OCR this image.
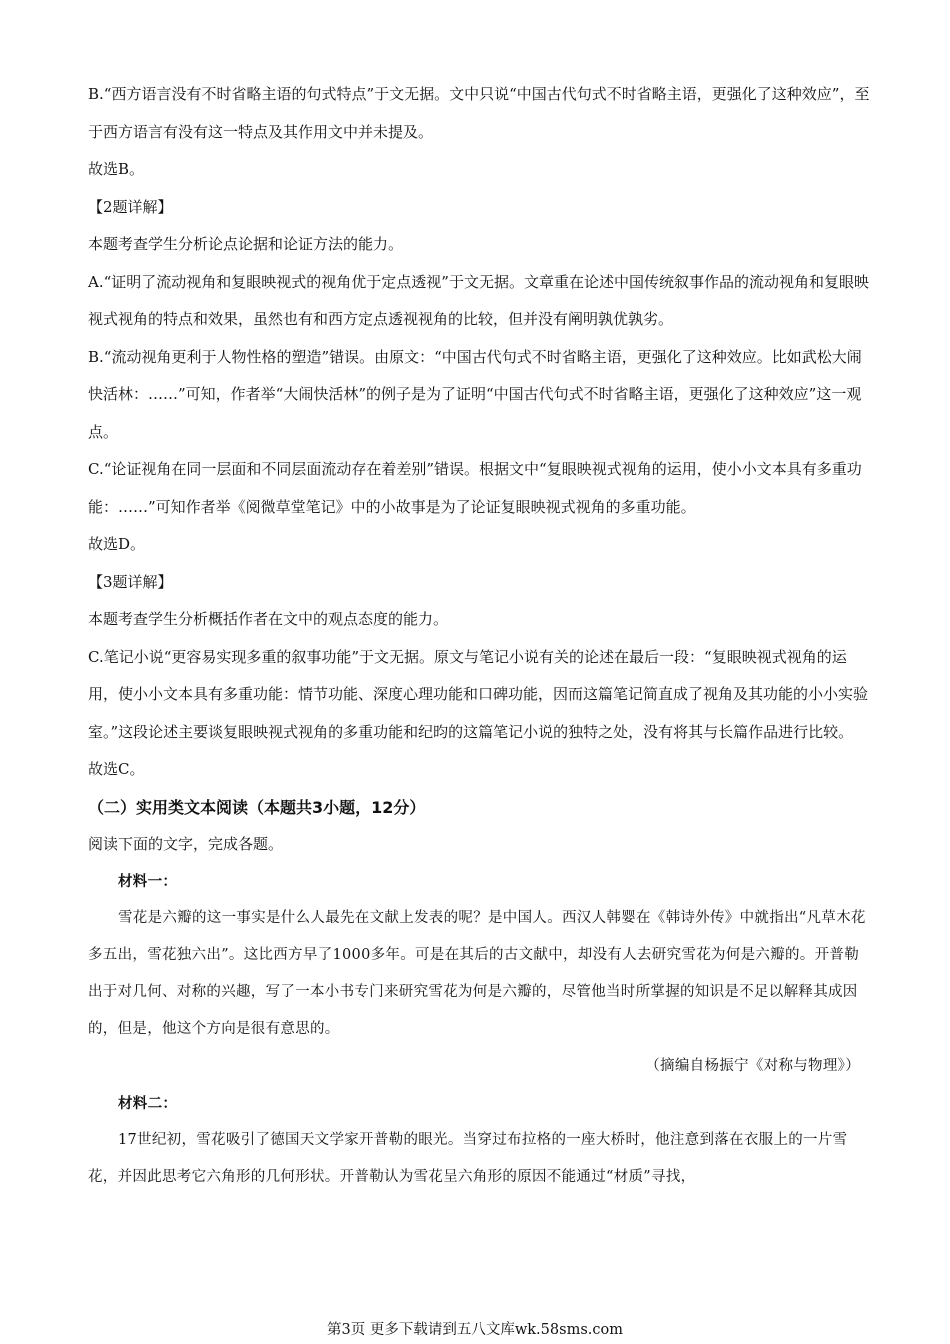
B.“西方语言没有不时省略主语的句式特点”于文无据。文中只说“中国古代句式不时省略主语，更强化了这种效应”，至于西方语言有没有这一特点及其作用文中并未提及。

故选B。

【2题详解】

本题考查学生分析论点论据和论证方法的能力。

A.“证明了流动视角和复眼映视式的视角优于定点透视”于文无据。文章重在论述中国传统叙事作品的流动视角和复眼映视式视角的特点和效果，虽然也有和西方定点透视视角的比较，但并没有阐明孰优孰劣。

B.“流动视角更利于人物性格的塑造”错误。由原文：“中国古代句式不时省略主语，更强化了这种效应。比如武松大闹快活林：……”可知，作者举“大闹快活林”的例子是为了证明“中国古代句式不时省略主语，更强化了这种效应”这一观点。

C.“论证视角在同一层面和不同层面流动存在着差别”错误。根据文中“复眼映视式视角的运用，使小小文本具有多重功能：……”可知作者举《阅微草堂笔记》中的小故事是为了论证复眼映视式视角的多重功能。

故选D。

【3题详解】

本题考查学生分析概括作者在文中的观点态度的能力。

C.笔记小说“更容易实现多重的叙事功能”于文无据。原文与笔记小说有关的论述在最后一段：“复眼映视式视角的运用，使小小文本具有多重功能：情节功能、深度心理功能和口碑功能，因而这篇笔记简直成了视角及其功能的小小实验室。”这段论述主要谈复眼映视式视角的多重功能和纪昀的这篇笔记小说的独特之处，没有将其与长篇作品进行比较。

故选C。

（二）实用类文本阅读（本题共3小题，12分）

阅读下面的文字，完成各题。

材料一：

雪花是六瓣的这一事实是什么人最先在文献上发表的呢？是中国人。西汉人韩婴在《韩诗外传》中就指出“凡草木花多五出，雪花独六出”。这比西方早了1000多年。可是在其后的古文献中，却没有人去研究雪花为何是六瓣的。开普勒出于对几何、对称的兴趣，写了一本小书专门来研究雪花为何是六瓣的，尽管他当时所掌握的知识是不足以解释其成因的，但是，他这个方向是很有意思的。

（摘编自杨振宁《对称与物理》）

材料二：

17世纪初，雪花吸引了德国天文学家开普勒的眼光。当穿过布拉格的一座大桥时，他注意到落在衣服上的一片雪花，并因此思考它六角形的几何形状。开普勒认为雪花呈六角形的原因不能通过“材质”寻找，

第3页 更多下载请到五八文库wk.58sms.com
